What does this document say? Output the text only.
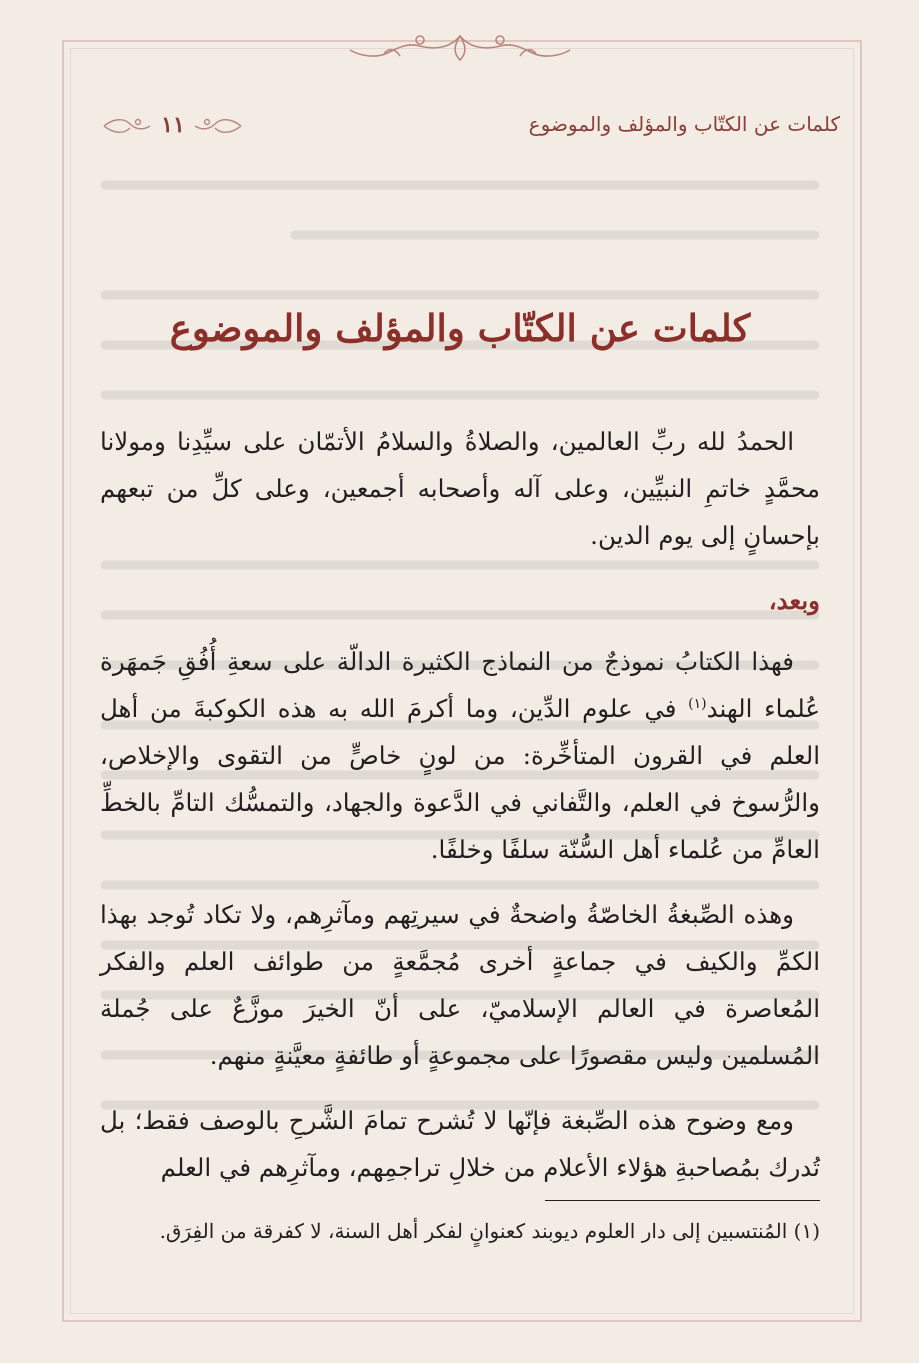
كلمات عن الكتّاب والمؤلف والموضوع
١١
كلمات عن الكتّاب والمؤلف والموضوع

الحمدُ لله ربِّ العالمين، والصلاةُ والسلامُ الأتمّان على سيِّدِنا ومولانا محمَّدٍ خاتمِ النبيِّين، وعلى آله وأصحابه أجمعين، وعلى كلِّ من تبعهم بإحسانٍ إلى يوم الدين.

وبعد،

فهذا الكتابُ نموذجٌ من النماذج الكثيرة الدالّة على سعةِ أُفُقِ جَمهَرة عُلماء الهند$^{(١)}$ في علوم الدِّين، وما أكرمَ الله به هذه الكوكبةَ من أهل العلم في القرون المتأخِّرة: من لونٍ خاصٍّ من التقوى والإخلاص، والرُّسوخ في العلم، والتَّفاني في الدَّعوة والجهاد، والتمسُّك التامِّ بالخطِّ العامِّ من عُلماء أهل السُّنّة سلفًا وخلفًا.

وهذه الصِّبغةُ الخاصّةُ واضحةٌ في سيرتِهم ومآثرِهم، ولا تكاد تُوجد بهذا الكمِّ والكيف في جماعةٍ أخرى مُجمَّعةٍ من طوائف العلم والفكر المُعاصرة في العالم الإسلاميّ، على أنّ الخيرَ موزَّعٌ على جُملة المُسلمين وليس مقصورًا على مجموعةٍ أو طائفةٍ معيَّنةٍ منهم.

ومع وضوح هذه الصِّبغة فإنّها لا تُشرح تمامَ الشَّرحِ بالوصف فقط؛ بل تُدرك بمُصاحبةِ هؤلاء الأعلام من خلالِ تراجمِهم، ومآثرِهم في العلم

(١) المُنتسبين إلى دار العلوم ديوبند كعنوانٍ لفكر أهل السنة، لا كفرقة من الفِرَق.
